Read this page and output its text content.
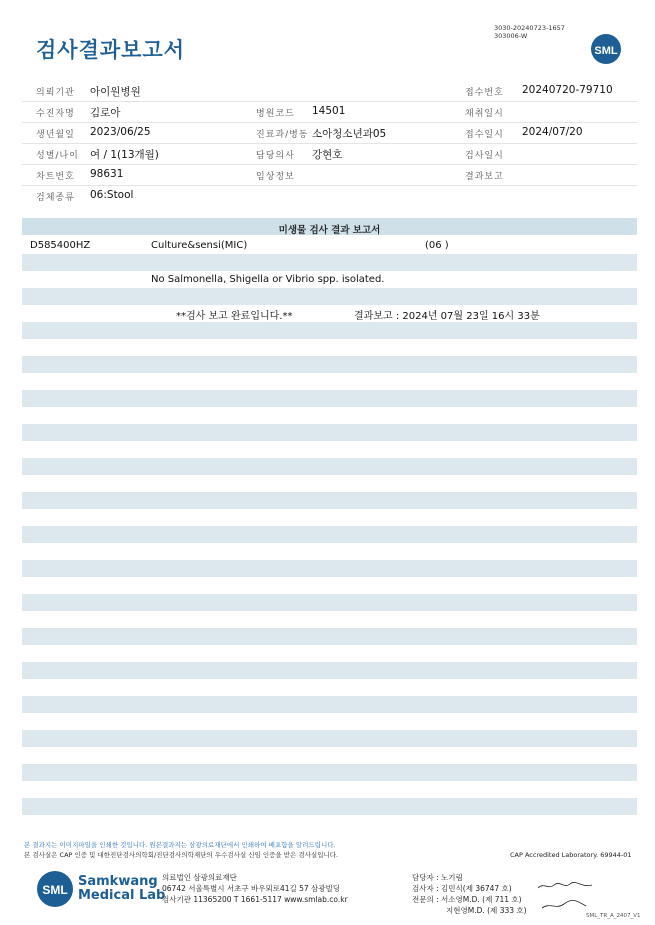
검사결과보고서
3030-20240723-1657
303006-W
SML
의뢰기관 아이원병원	접수번호 20240720-79710
수진자명 김로아	병원코드 14501	채취일시
생년월일 2023/06/25	진료과/병동 소아청소년과05	접수일시 2024/07/20
성별/나이 여 / 1(13개월)	담당의사 강현호	검사일시
차트번호 98631	임상정보	결과보고
검체종류 06:Stool
미생물 검사 결과 보고서
D585400HZ	Culture&sensi(MIC)	(06 )
No Salmonella, Shigella or Vibrio spp. isolated.
**검사 보고 완료입니다.**	결과보고 : 2024년 07월 23일 16시 33분
본 결과지는 이미지파일을 인쇄한 것입니다. 원본결과지는 삼광의료재단에서 인쇄하여 배포함을 알려드립니다.
본 검사실은 CAP 인증 및 대한진단검사의학회/진단검사의학재단의 우수검사실 신임 인증을 받은 검사실입니다.	CAP Accredited Laboratory. 69944-01
SML
Samkwang
Medical Lab
의료법인 삼광의료재단
06742 서울특별시 서초구 바우뫼로41길 57 삼광빌딩
검사기관 11365200 T 1661-5117 www.smlab.co.kr
담당자 : 노기림
검사자 : 김민식(제 36747 호)
전문의 : 서소영M.D. (제 711 호)
지현영M.D. (제 333 호)
SML_TR_A_2407_V1
